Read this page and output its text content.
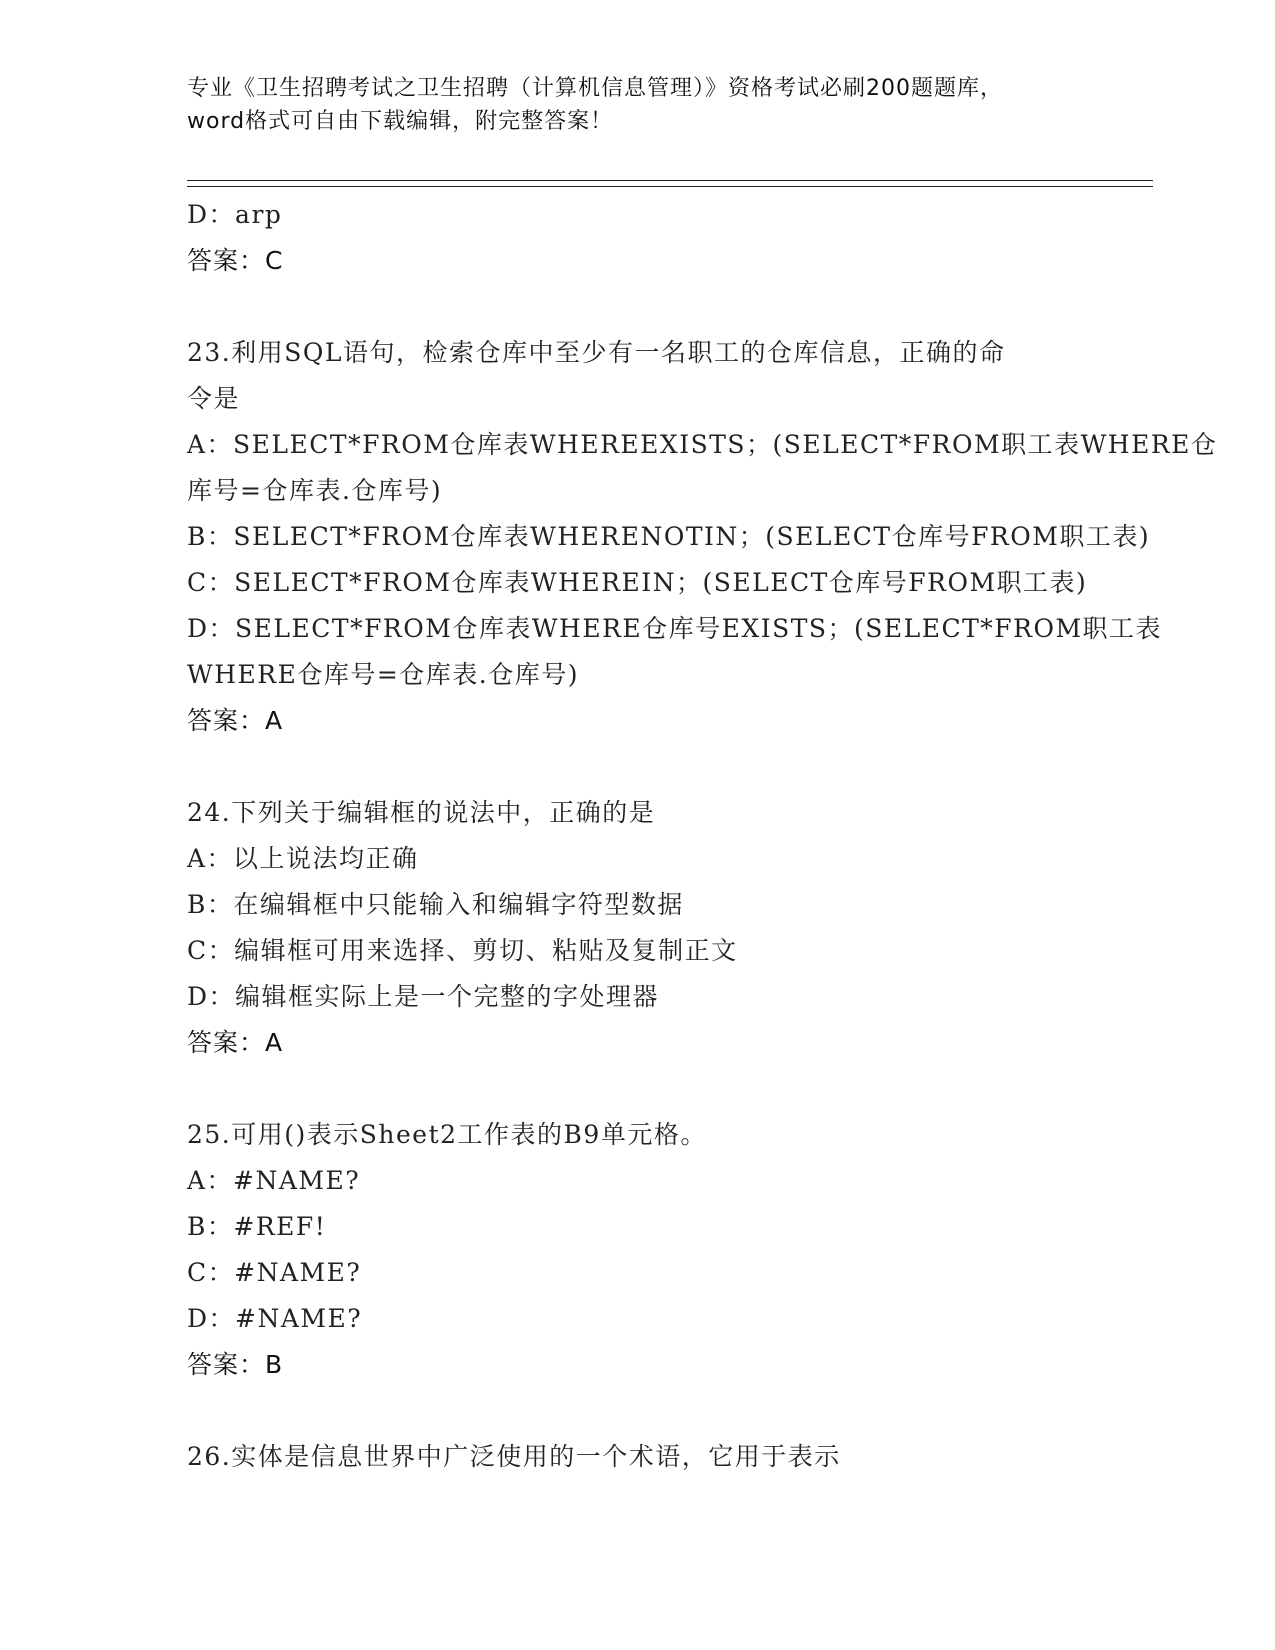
专业《卫生招聘考试之卫生招聘（计算机信息管理）》资格考试必刷200题题库，
word格式可自由下载编辑，附完整答案！
D：arp
答案：C
23.利用SQL语句，检索仓库中至少有一名职工的仓库信息，正确的命
令是
A：SELECT*FROM仓库表WHEREEXISTS；(SELECT*FROM职工表WHERE仓
库号=仓库表.仓库号)
B：SELECT*FROM仓库表WHERENOTIN；(SELECT仓库号FROM职工表)
C：SELECT*FROM仓库表WHEREIN；(SELECT仓库号FROM职工表)
D：SELECT*FROM仓库表WHERE仓库号EXISTS；(SELECT*FROM职工表
WHERE仓库号=仓库表.仓库号)
答案：A
24.下列关于编辑框的说法中，正确的是
A：以上说法均正确
B：在编辑框中只能输入和编辑字符型数据
C：编辑框可用来选择、剪切、粘贴及复制正文
D：编辑框实际上是一个完整的字处理器
答案：A
25.可用()表示Sheet2工作表的B9单元格。
A：#NAME?
B：#REF!
C：#NAME?
D：#NAME?
答案：B
26.实体是信息世界中广泛使用的一个术语，它用于表示
